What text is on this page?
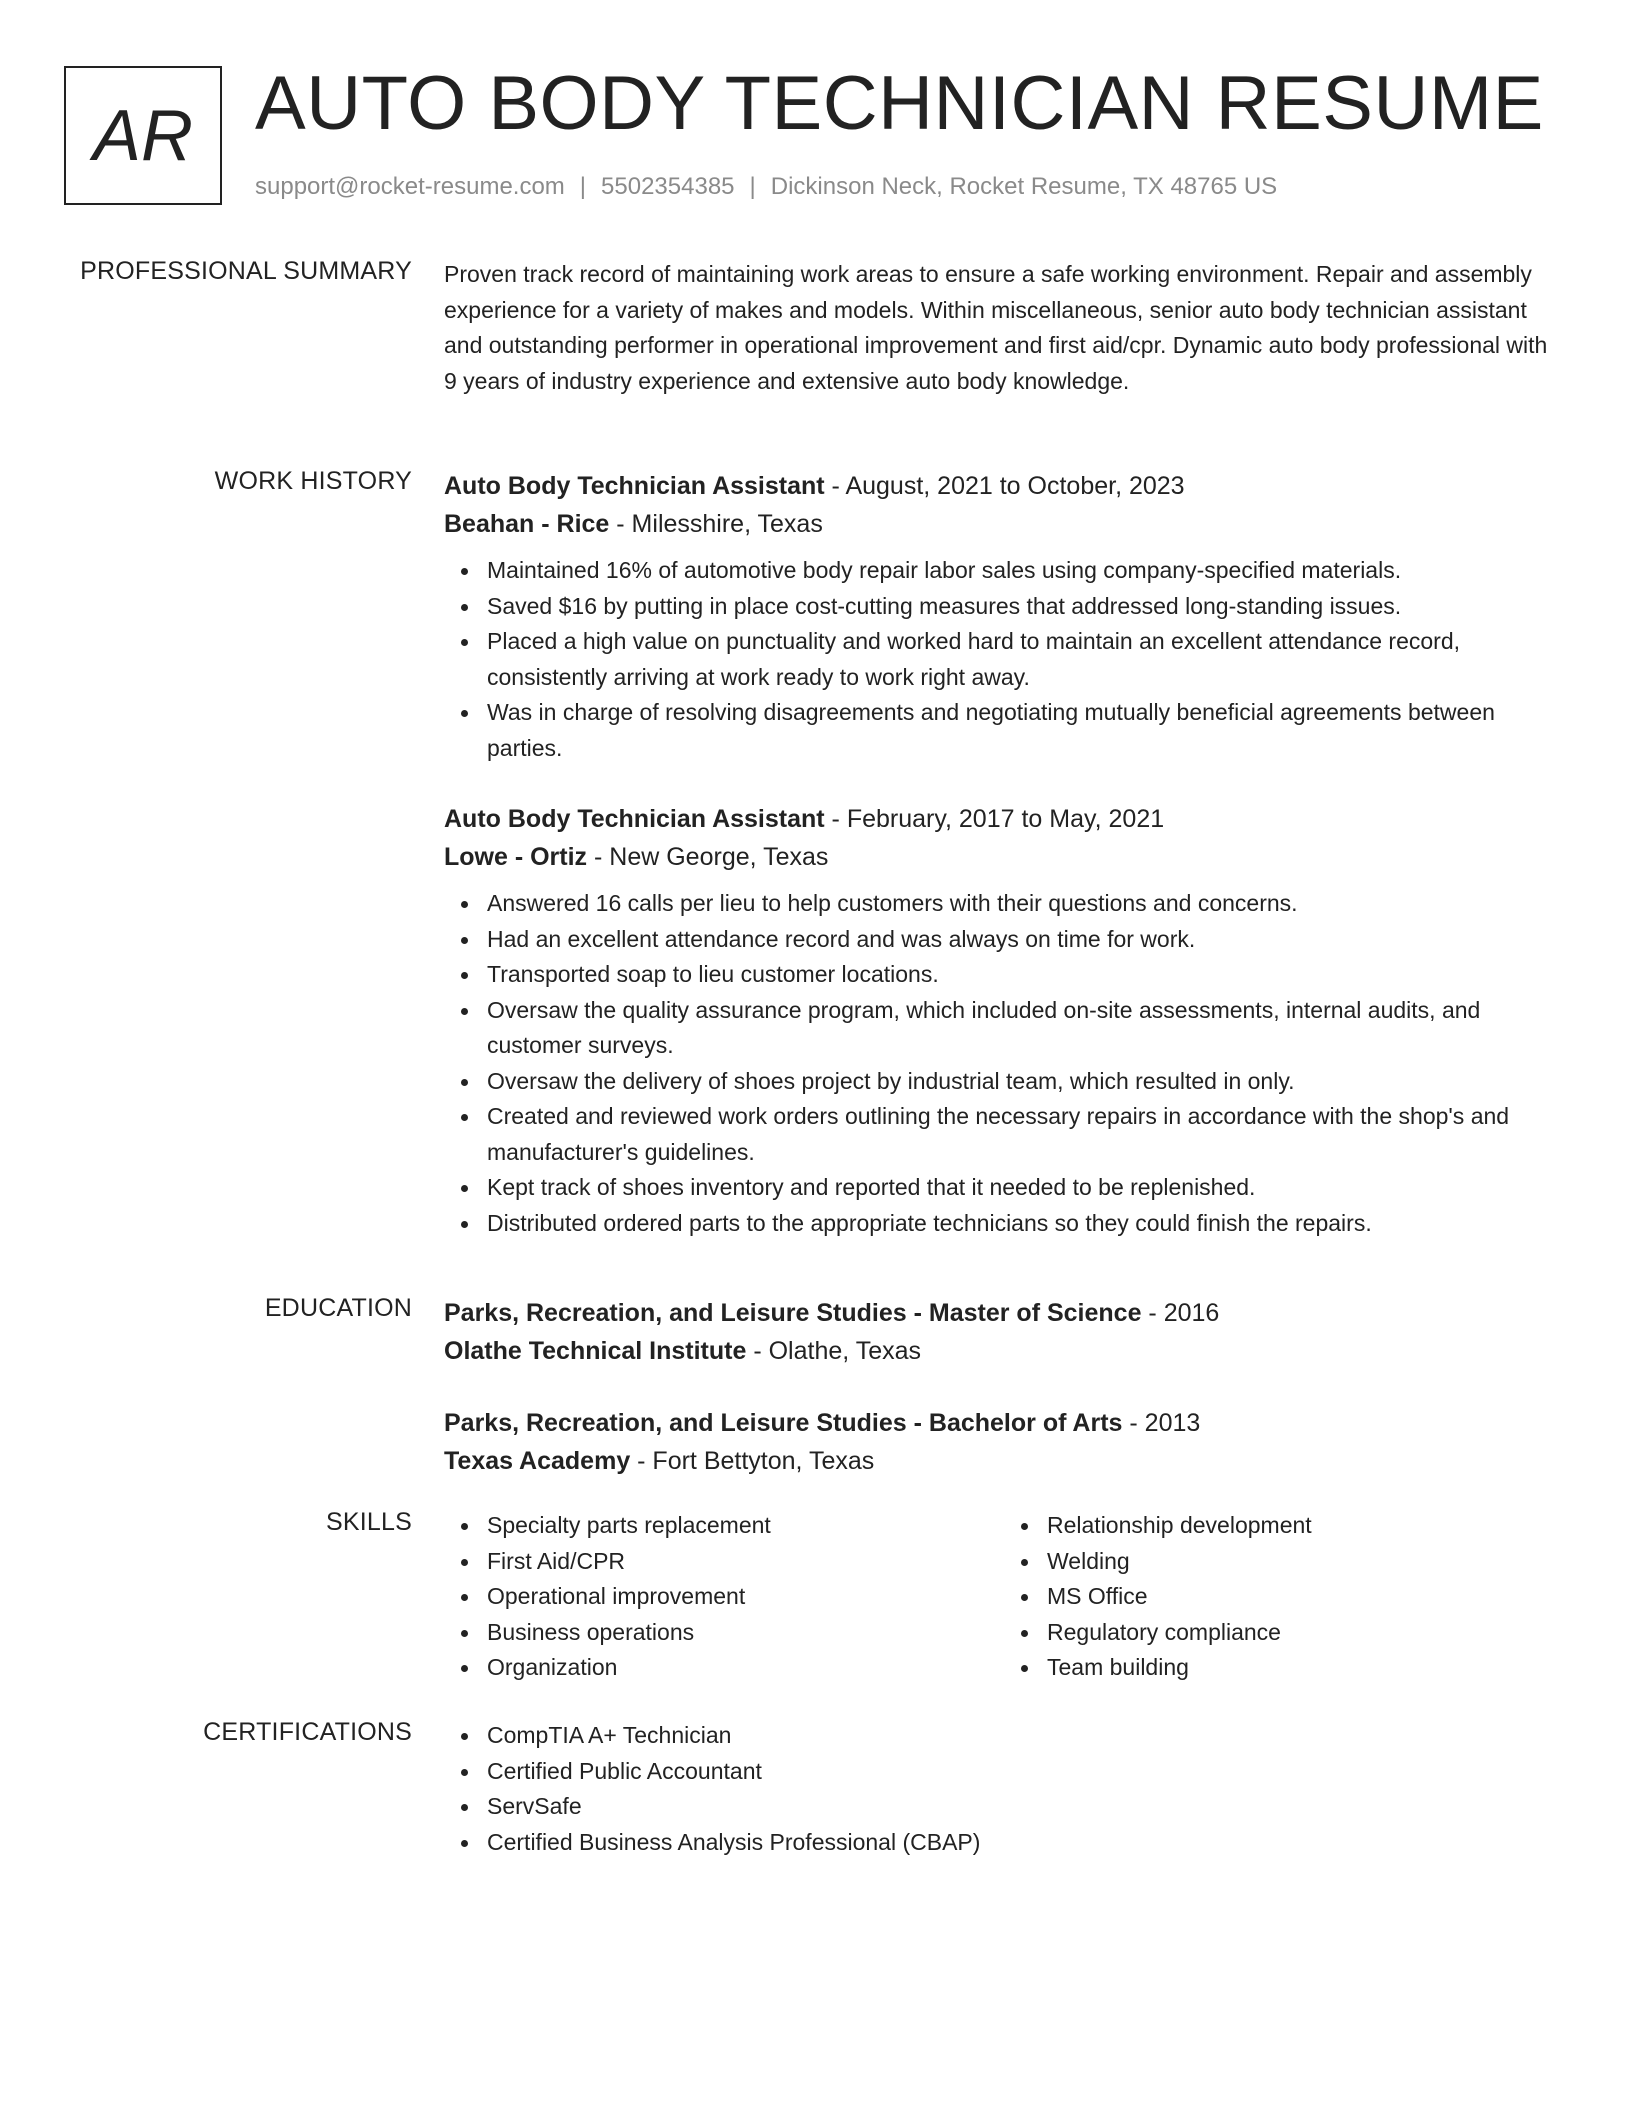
AR AUTO BODY TECHNICIAN RESUME
support@rocket-resume.com | 5502354385 | Dickinson Neck, Rocket Resume, TX 48765 US
PROFESSIONAL SUMMARY Proven track record of maintaining work areas to ensure a safe working environment. Repair and assembly experience for a variety of makes and models. Within miscellaneous, senior auto body technician assistant and outstanding performer in operational improvement and first aid/cpr. Dynamic auto body professional with 9 years of industry experience and extensive auto body knowledge.

WORK HISTORY Auto Body Technician Assistant - August, 2021 to October, 2023
Beahan - Rice - Milesshire, Texas
Maintained 16% of automotive body repair labor sales using company-specified materials.
Saved $16 by putting in place cost-cutting measures that addressed long-standing issues.
Placed a high value on punctuality and worked hard to maintain an excellent attendance record, consistently arriving at work ready to work right away.
Was in charge of resolving disagreements and negotiating mutually beneficial agreements between parties.
Auto Body Technician Assistant - February, 2017 to May, 2021
Lowe - Ortiz - New George, Texas
Answered 16 calls per lieu to help customers with their questions and concerns.
Had an excellent attendance record and was always on time for work.
Transported soap to lieu customer locations.
Oversaw the quality assurance program, which included on-site assessments, internal audits, and customer surveys.
Oversaw the delivery of shoes project by industrial team, which resulted in only.
Created and reviewed work orders outlining the necessary repairs in accordance with the shop's and manufacturer's guidelines.
Kept track of shoes inventory and reported that it needed to be replenished.
Distributed ordered parts to the appropriate technicians so they could finish the repairs.
EDUCATION Parks, Recreation, and Leisure Studies - Master of Science - 2016
Olathe Technical Institute - Olathe, Texas
Parks, Recreation, and Leisure Studies - Bachelor of Arts - 2013
Texas Academy - Fort Bettyton, Texas
SKILLS	Specialty parts replacement
First Aid/CPR
Operational improvement
Business operations
Organization
Relationship development
Welding
MS Office
Regulatory compliance
Team building
CERTIFICATIONS	CompTIA A+ Technician
Certified Public Accountant
ServSafe
Certified Business Analysis Professional (CBAP)
